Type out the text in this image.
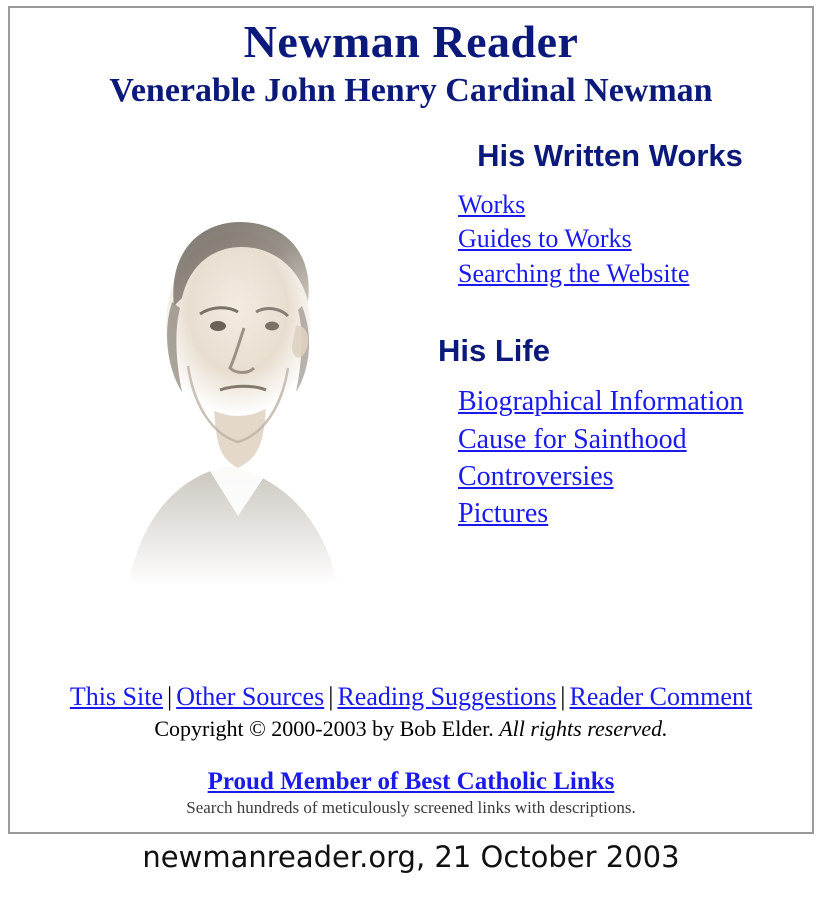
Newman Reader
Venerable John Henry Cardinal Newman
His Written Works
Works
Guides to Works
Searching the Website
His Life
Biographical Information
Cause for Sainthood
Controversies
Pictures
This Site | Other Sources | Reading Suggestions | Reader Comment
Copyright © 2000-2003 by Bob Elder. All rights reserved.
Proud Member of Best Catholic Links
Search hundreds of meticulously screened links with descriptions.
newmanreader.org, 21 October 2003
